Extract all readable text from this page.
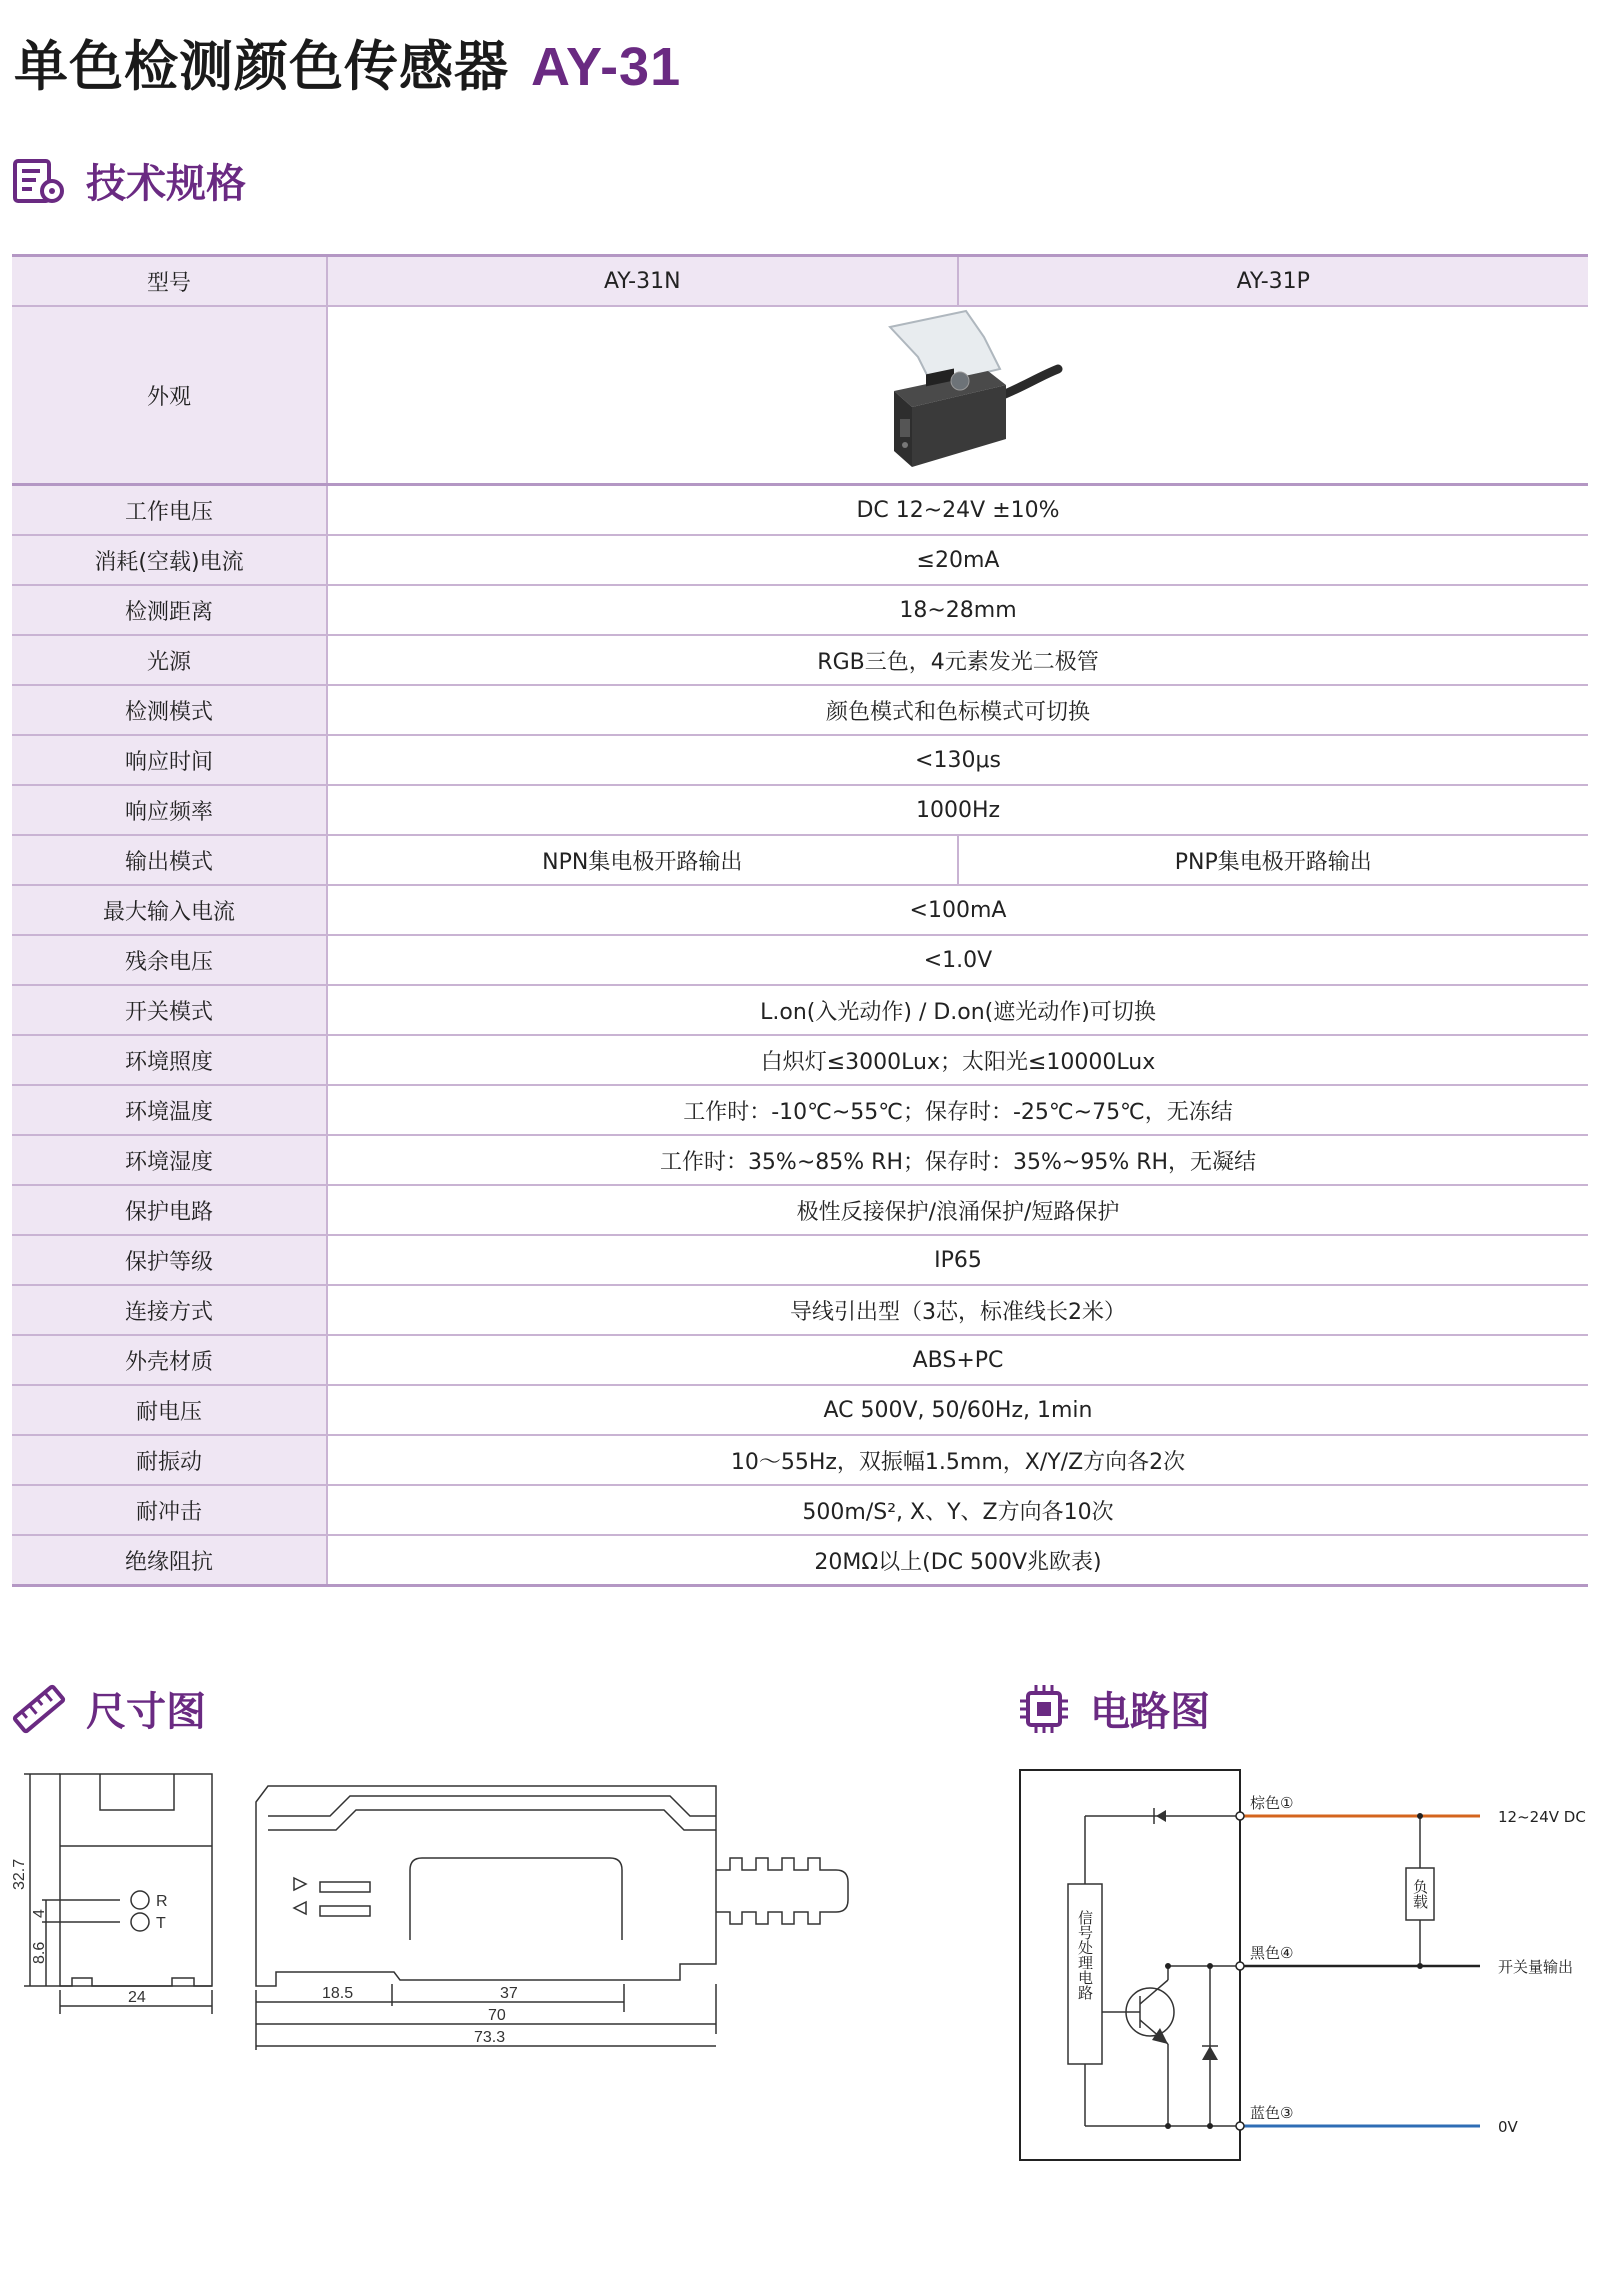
单色检测颜色传感器 AY-31
技术规格
型号	AY-31N	AY-31P
外观	
工作电压	DC 12~24V ±10%	
消耗(空载)电流	≤20mA	
检测距离	18~28mm	
光源	RGB三色，4元素发光二极管	
检测模式	颜色模式和色标模式可切换	
响应时间	<130μs	
响应频率	1000Hz	
输出模式	NPN集电极开路输出	PNP集电极开路输出
最大输入电流	<100mA	
残余电压	<1.0V	
开关模式	L.on(入光动作) / D.on(遮光动作)可切换	
环境照度	白炽灯≤3000Lux；太阳光≤10000Lux	
环境温度	工作时：-10℃~55℃；保存时：-25℃~75℃，无冻结	
环境湿度	工作时：35%~85% RH；保存时：35%~95% RH，无凝结	
保护电路	极性反接保护/浪涌保护/短路保护	
保护等级	IP65	
连接方式	导线引出型（3芯，标准线长2米）	
外壳材质	ABS+PC	
耐电压	AC 500V, 50/60Hz, 1min	
耐振动	10～55Hz，双振幅1.5mm，X/Y/Z方向各2次	
耐冲击	500m/S², X、Y、Z方向各10次	
绝缘阻抗	20MΩ以上(DC 500V兆欧表)	
尺寸图	电路图
R
T
32.7
4
8.6
24	18.5	37
70
73.3
棕色①
黑色④
蓝色③
12~24V DC
开关量输出
0V
负载
信号处理电路
